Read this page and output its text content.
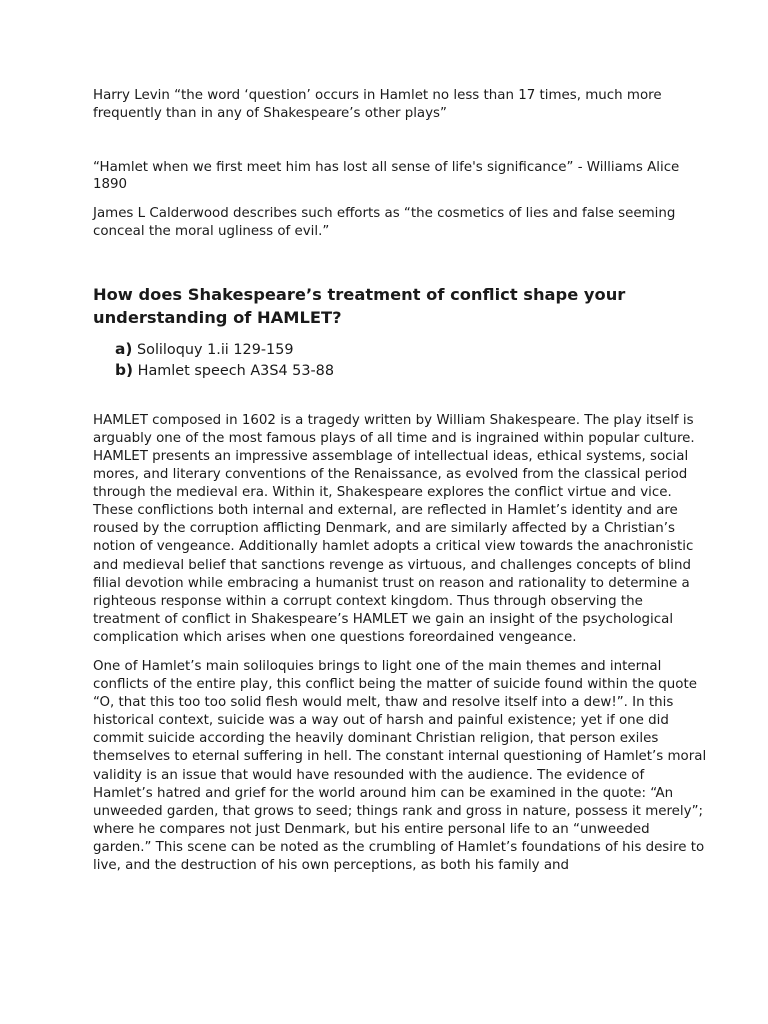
Harry Levin “the word ‘question’ occurs in Hamlet no less than 17 times, much more frequently than in any of Shakespeare’s other plays”

“Hamlet when we first meet him has lost all sense of life's significance” - Williams Alice 1890

James L Calderwood describes such efforts as “the cosmetics of lies and false seeming conceal the moral ugliness of evil.”

How does Shakespeare’s treatment of conflict shape your understanding of HAMLET?
a) Soliloquy 1.ii 129-159
b) Hamlet speech A3S4 53-88

HAMLET composed in 1602 is a tragedy written by William Shakespeare. The play itself is arguably one of the most famous plays of all time and is ingrained within popular culture. HAMLET presents an impressive assemblage of intellectual ideas, ethical systems, social mores, and literary conventions of the Renaissance, as evolved from the classical period through the medieval era. Within it, Shakespeare explores the conflict virtue and vice. These conflictions both internal and external, are reflected in Hamlet’s identity and are roused by the corruption afflicting Denmark, and are similarly affected by a Christian’s notion of vengeance. Additionally hamlet adopts a critical view towards the anachronistic and medieval belief that sanctions revenge as virtuous, and challenges concepts of blind filial devotion while embracing a humanist trust on reason and rationality to determine a righteous response within a corrupt context kingdom. Thus through observing the treatment of conflict in Shakespeare’s HAMLET we gain an insight of the psychological complication which arises when one questions foreordained vengeance.

One of Hamlet’s main soliloquies brings to light one of the main themes and internal conflicts of the entire play, this conflict being the matter of suicide found within the quote “O, that this too too solid flesh would melt, thaw and resolve itself into a dew!”. In this historical context, suicide was a way out of harsh and painful existence; yet if one did commit suicide according the heavily dominant Christian religion, that person exiles themselves to eternal suffering in hell. The constant internal questioning of Hamlet’s moral validity is an issue that would have resounded with the audience. The evidence of Hamlet’s hatred and grief for the world around him can be examined in the quote: “An unweeded garden, that grows to seed; things rank and gross in nature, possess it merely”; where he compares not just Denmark, but his entire personal life to an “unweeded garden.” This scene can be noted as the crumbling of Hamlet’s foundations of his desire to live, and the destruction of his own perceptions, as both his family and
